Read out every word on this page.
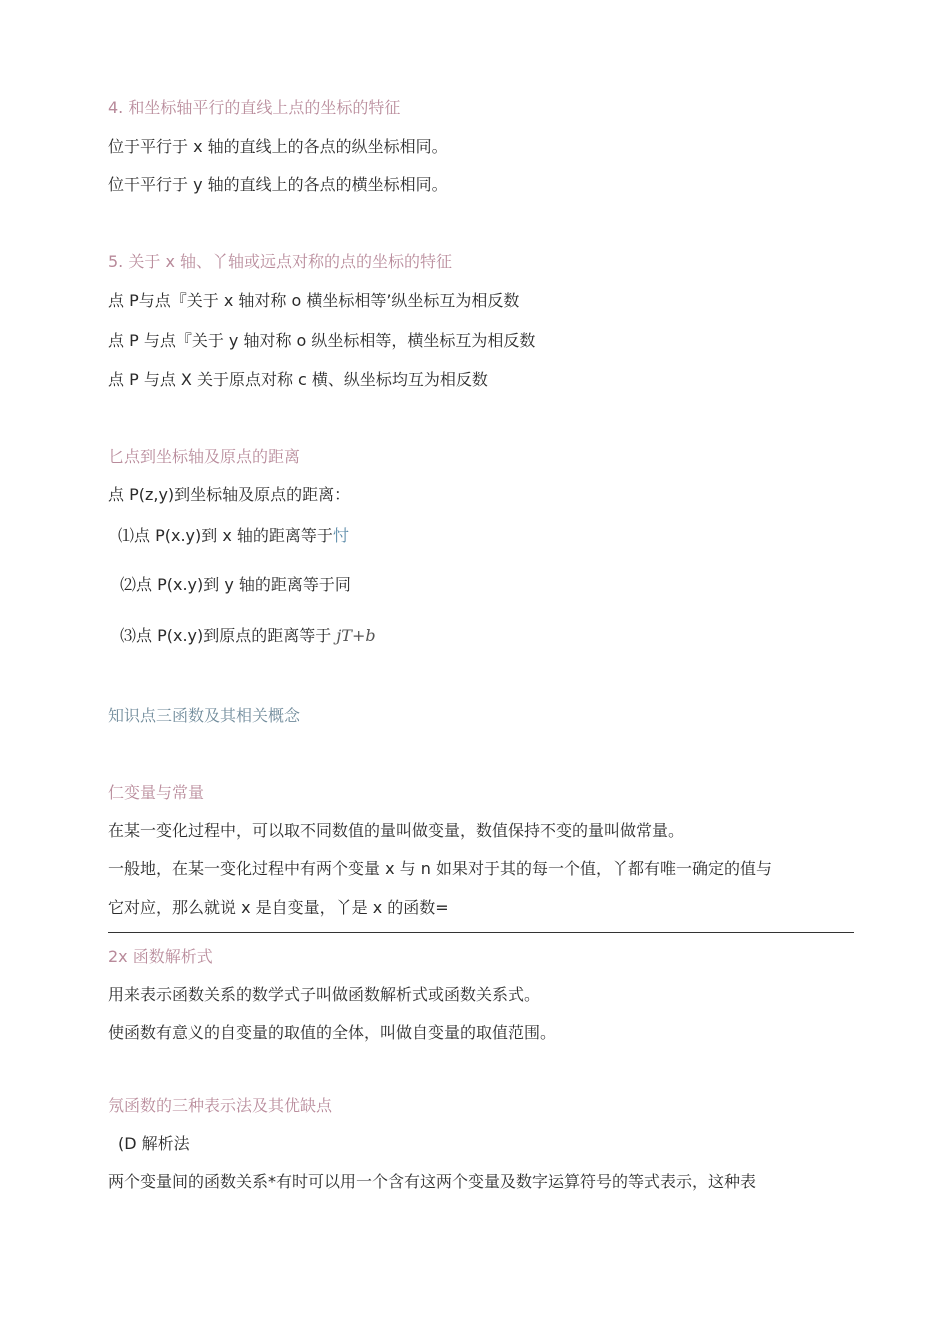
4. 和坐标轴平行的直线上点的坐标的特征
位于平行于 x 轴的直线上的各点的纵坐标相同。
位干平行于 y 轴的直线上的各点的横坐标相同。
5. 关于 x 轴、丫轴或远点对称的点的坐标的特征
点 P与点『关于 x 轴对称 o 横坐标相等’纵坐标互为相反数
点 P 与点『关于 y 轴对称 o 纵坐标相等，横坐标互为相反数
点 P 与点 X 关于原点对称 c 横、纵坐标均互为相反数
匕点到坐标轴及原点的距离
点 P(z,y)到坐标轴及原点的距离：
⑴点 P(x.y)到 x 轴的距离等于忖
⑵点 P(x.y)到 y 轴的距离等于同
⑶点 P(x.y)到原点的距离等于 jT+b
知识点三函数及其相关概念
仁变量与常量
在某一变化过程中，可以取不同数值的量叫做变量，数值保持不变的量叫做常量。
一般地，在某一变化过程中有两个变量 x 与 n 如果对于其的每一个值，丫都有唯一确定的值与
它对应，那么就说 x 是自变量，丫是 x 的函数=
2x 函数解析式
用来表示函数关系的数学式子叫做函数解析式或函数关系式。
使函数有意义的自变量的取值的全体，叫做自变量的取值范围。
氖函数的三种表示法及其优缺点
(D 解析法
两个变量间的函数关系*有时可以用一个含有这两个变量及数字运算符号的等式表示，这种表
